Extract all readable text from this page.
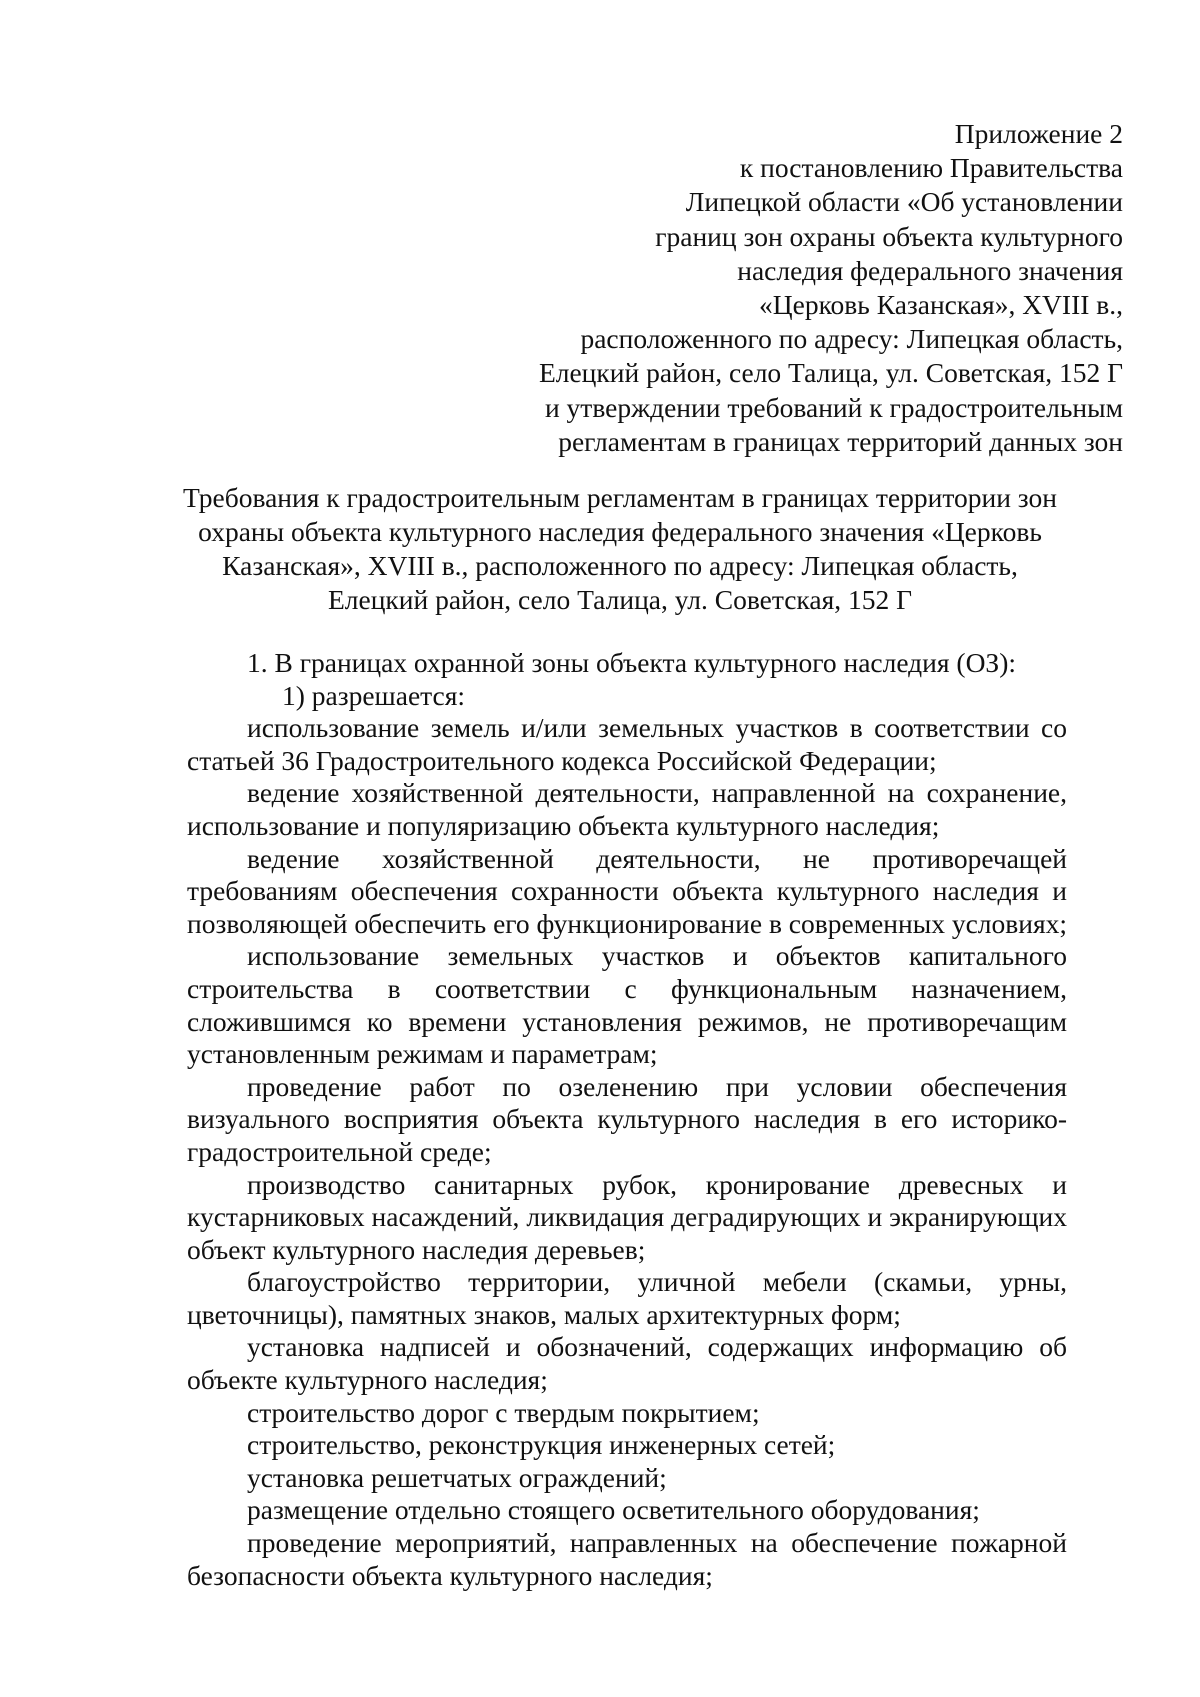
Приложение 2
к постановлению Правительства
Липецкой области «Об установлении
границ зон охраны объекта культурного
наследия федерального значения
«Церковь Казанская», XVIII в.,
расположенного по адресу: Липецкая область,
Елецкий район, село Талица, ул. Советская, 152 Г
и утверждении требований к градостроительным
регламентам в границах территорий данных зон
Требования к градостроительным регламентам в границах территории зон
охраны объекта культурного наследия федерального значения «Церковь
Казанская», XVIII в., расположенного по адресу: Липецкая область,
Елецкий район, село Талица, ул. Советская, 152 Г

1. В границах охранной зоны объекта культурного наследия (ОЗ):

1) разрешается:

использование земель и/или земельных участков в соответствии со статьей 36 Градостроительного кодекса Российской Федерации;

ведение хозяйственной деятельности, направленной на сохранение, использование и популяризацию объекта культурного наследия;

ведение хозяйственной деятельности, не противоречащей требованиям обеспечения сохранности объекта культурного наследия и позволяющей обеспечить его функционирование в современных условиях;

использование земельных участков и объектов капитального строительства в соответствии с функциональным назначением, сложившимся ко времени установления режимов, не противоречащим установленным режимам и параметрам;

проведение работ по озеленению при условии обеспечения визуального восприятия объекта культурного наследия в его историко-градостроительной среде;

производство санитарных рубок, кронирование древесных и кустарниковых насаждений, ликвидация деградирующих и экранирующих объект культурного наследия деревьев;

благоустройство территории, уличной мебели (скамьи, урны, цветочницы), памятных знаков, малых архитектурных форм;

установка надписей и обозначений, содержащих информацию об объекте культурного наследия;

строительство дорог с твердым покрытием;

строительство, реконструкция инженерных сетей;

установка решетчатых ограждений;

размещение отдельно стоящего осветительного оборудования;

проведение мероприятий, направленных на обеспечение пожарной безопасности объекта культурного наследия;
